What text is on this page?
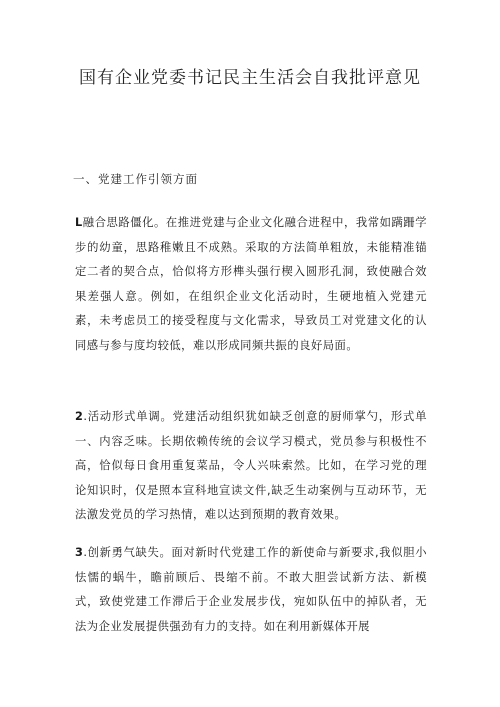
国有企业党委书记民主生活会自我批评意见
一、党建工作引领方面

L融合思路僵化。在推进党建与企业文化融合进程中，我常如蹒跚学步的幼童，思路稚嫩且不成熟。采取的方法简单粗放，未能精准锚定二者的契合点，恰似将方形榫头强行楔入圆形孔洞，致使融合效果差强人意。例如，在组织企业文化活动时，生硬地植入党建元素，未考虑员工的接受程度与文化需求，导致员工对党建文化的认同感与参与度均较低，难以形成同频共振的良好局面。

2.活动形式单调。党建活动组织犹如缺乏创意的厨师掌勺，形式单一、内容乏味。长期依赖传统的会议学习模式，党员参与积极性不高，恰似每日食用重复菜品，令人兴味索然。比如，在学习党的理论知识时，仅是照本宣科地宣读文件,缺乏生动案例与互动环节，无法激发党员的学习热情，难以达到预期的教育效果。

3.创新勇气缺失。面对新时代党建工作的新使命与新要求,我似胆小怯懦的蜗牛，瞻前顾后、畏缩不前。不敢大胆尝试新方法、新模式，致使党建工作滞后于企业发展步伐，宛如队伍中的掉队者，无法为企业发展提供强劲有力的支持。如在利用新媒体开展
